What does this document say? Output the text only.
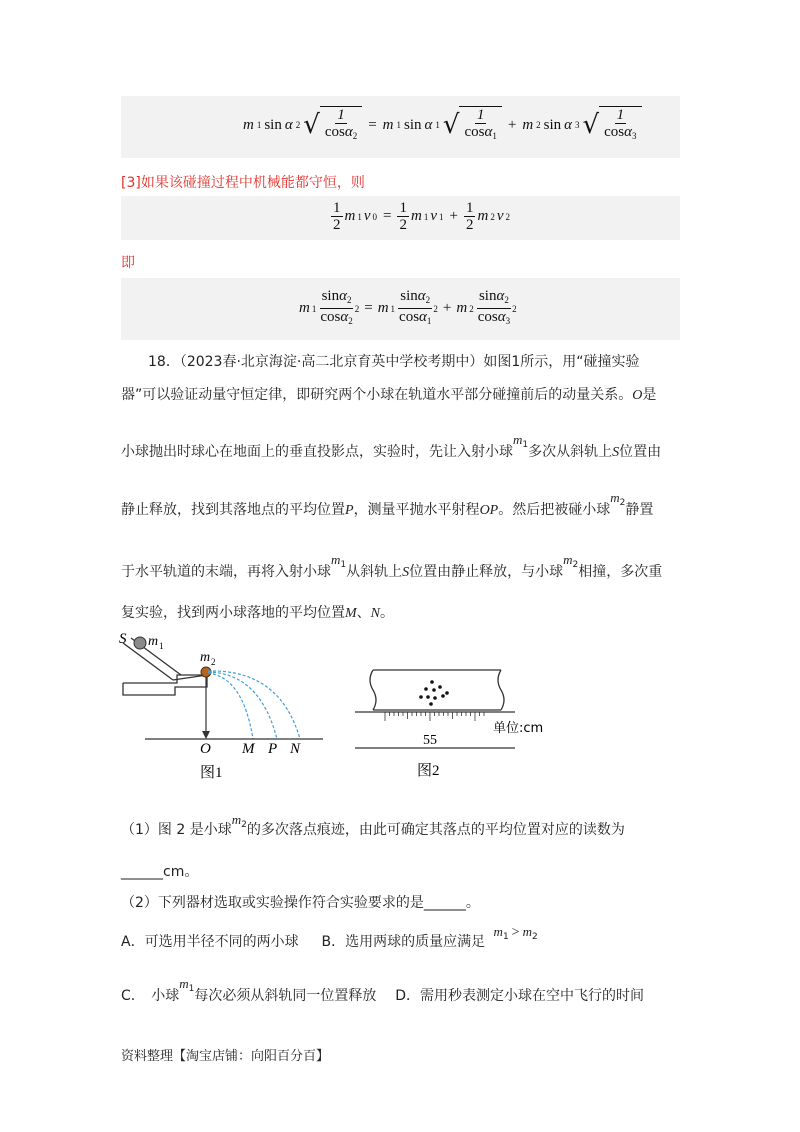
m 1 sin α 2 √ $\frac{1}{\cos\alpha_2} = m$ 1 sin α 1 √ $\frac{1}{\cos\alpha_1} + m$ 2 sin α 3 √ $\frac{1}{\cos\alpha_3}$
[3]如果该碰撞过程中机械能都守恒，则
$\frac{1}{2}$ m 1 v $0 = \frac{1}{2}$ m 1 v $1 + \frac{1}{2}$ m 2 v 2
即
m $1 \frac{\sin\alpha_2}{\cos\alpha_2} 2 = m$ $1 \frac{\sin\alpha_2}{\cos\alpha_1} 2 + m$ $2 \frac{\sin\alpha_2}{\cos\alpha_3} 2$
18．（2023春·北京海淀·高二北京育英中学校考期中）如图1所示，用“碰撞实验
器”可以验证动量守恒定律，即研究两个小球在轨道水平部分碰撞前后的动量关系。O是
小球抛出时球心在地面上的垂直投影点，实验时，先让入射小球$m^1$多次从斜轨上S位置由
静止释放，找到其落地点的平均位置P，测量平抛水平射程OP。然后把被碰小球$m^2$静置
于水平轨道的末端，再将入射小球$m^1$从斜轨上S位置由静止释放，与小球$m^2$相撞，多次重
复实验，找到两小球落地的平均位置M、N。
S m 1
m 2
O M P N
图1
单位:cm
55
图2
（1）图 2 是小球$m^2$的多次落点痕迹，由此可确定其落点的平均位置对应的读数为
______cm。
（2）下列器材选取或实验操作符合实验要求的是______。
A．可选用半径不同的两小球 B．选用两球的质量应满足 $m^1 > m^2$
C. 小球$m^1$每次必须从斜轨同一位置释放 D．需用秒表测定小球在空中飞行的时间
资料整理【淘宝店铺：向阳百分百】
